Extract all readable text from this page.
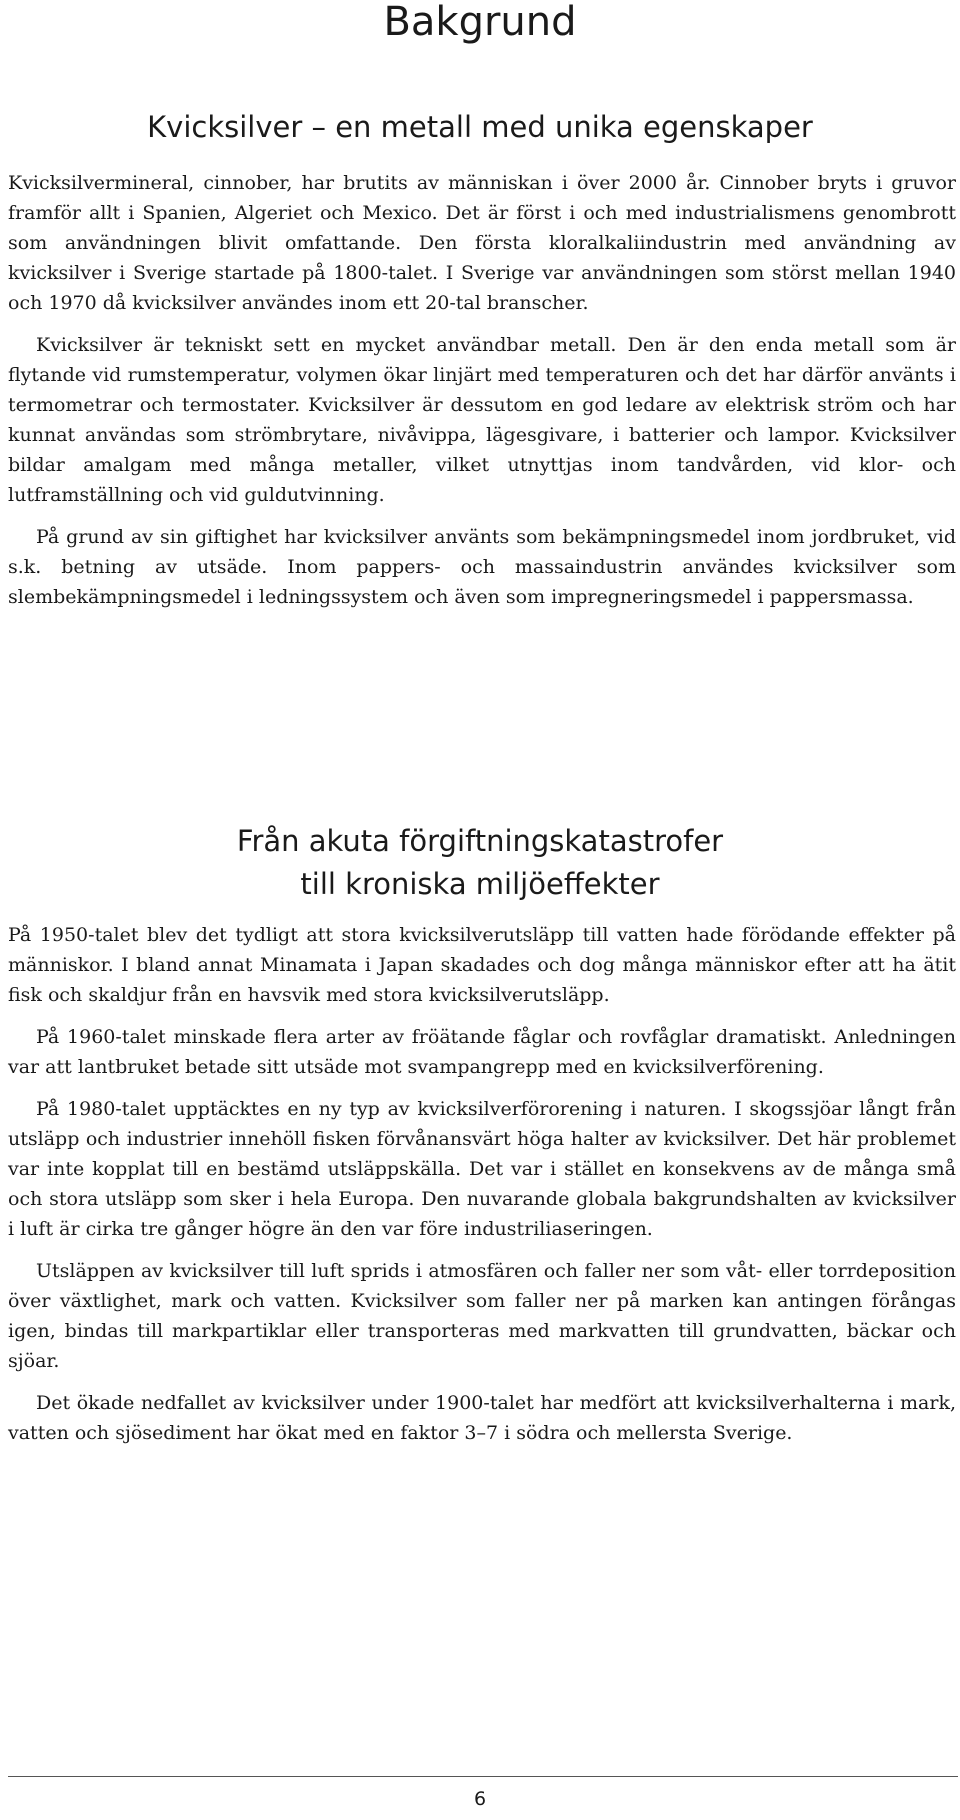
Bakgrund
Kvicksilver – en metall med unika egenskaper

Kvicksilvermineral, cinnober, har brutits av människan i över 2000 år. Cinnober bryts i gruvor framför allt i Spanien, Algeriet och Mexico. Det är först i och med industrialismens genombrott som användningen blivit omfattande. Den första kloralkaliindustrin med användning av kvicksilver i Sverige startade på 1800-talet. I Sverige var användningen som störst mellan 1940 och 1970 då kvicksilver användes inom ett 20-tal branscher.

Kvicksilver är tekniskt sett en mycket användbar metall. Den är den enda metall som är flytande vid rumstemperatur, volymen ökar linjärt med temperaturen och det har därför använts i termometrar och termostater. Kvicksilver är dessutom en god ledare av elektrisk ström och har kunnat användas som strömbrytare, nivåvippa, lägesgivare, i batterier och lampor. Kvicksilver bildar amalgam med många metaller, vilket utnyttjas inom tandvården, vid klor- och lutframställning och vid guldutvinning.

På grund av sin giftighet har kvicksilver använts som bekämpningsmedel inom jordbruket, vid s.k. betning av utsäde. Inom pappers- och massaindustrin användes kvicksilver som slembekämpningsmedel i ledningssystem och även som impregneringsmedel i pappersmassa.

Från akuta förgiftningskatastrofer
till kroniska miljöeffekter

På 1950-talet blev det tydligt att stora kvicksilverutsläpp till vatten hade förödande effekter på människor. I bland annat Minamata i Japan skadades och dog många människor efter att ha ätit fisk och skaldjur från en havsvik med stora kvicksilverutsläpp.

På 1960-talet minskade flera arter av fröätande fåglar och rovfåglar dramatiskt. Anledningen var att lantbruket betade sitt utsäde mot svampangrepp med en kvicksilverförening.

På 1980-talet upptäcktes en ny typ av kvicksilverförorening i naturen. I skogssjöar långt från utsläpp och industrier innehöll fisken förvånansvärt höga halter av kvicksilver. Det här problemet var inte kopplat till en bestämd utsläppskälla. Det var i stället en konsekvens av de många små och stora utsläpp som sker i hela Europa. Den nuvarande globala bakgrundshalten av kvicksilver i luft är cirka tre gånger högre än den var före industriliaseringen.

Utsläppen av kvicksilver till luft sprids i atmosfären och faller ner som våt- eller torrdeposition över växtlighet, mark och vatten. Kvicksilver som faller ner på marken kan antingen förångas igen, bindas till markpartiklar eller transporteras med markvatten till grundvatten, bäckar och sjöar.

Det ökade nedfallet av kvicksilver under 1900-talet har medfört att kvicksilverhalterna i mark, vatten och sjösediment har ökat med en faktor 3–7 i södra och mellersta Sverige.

6
